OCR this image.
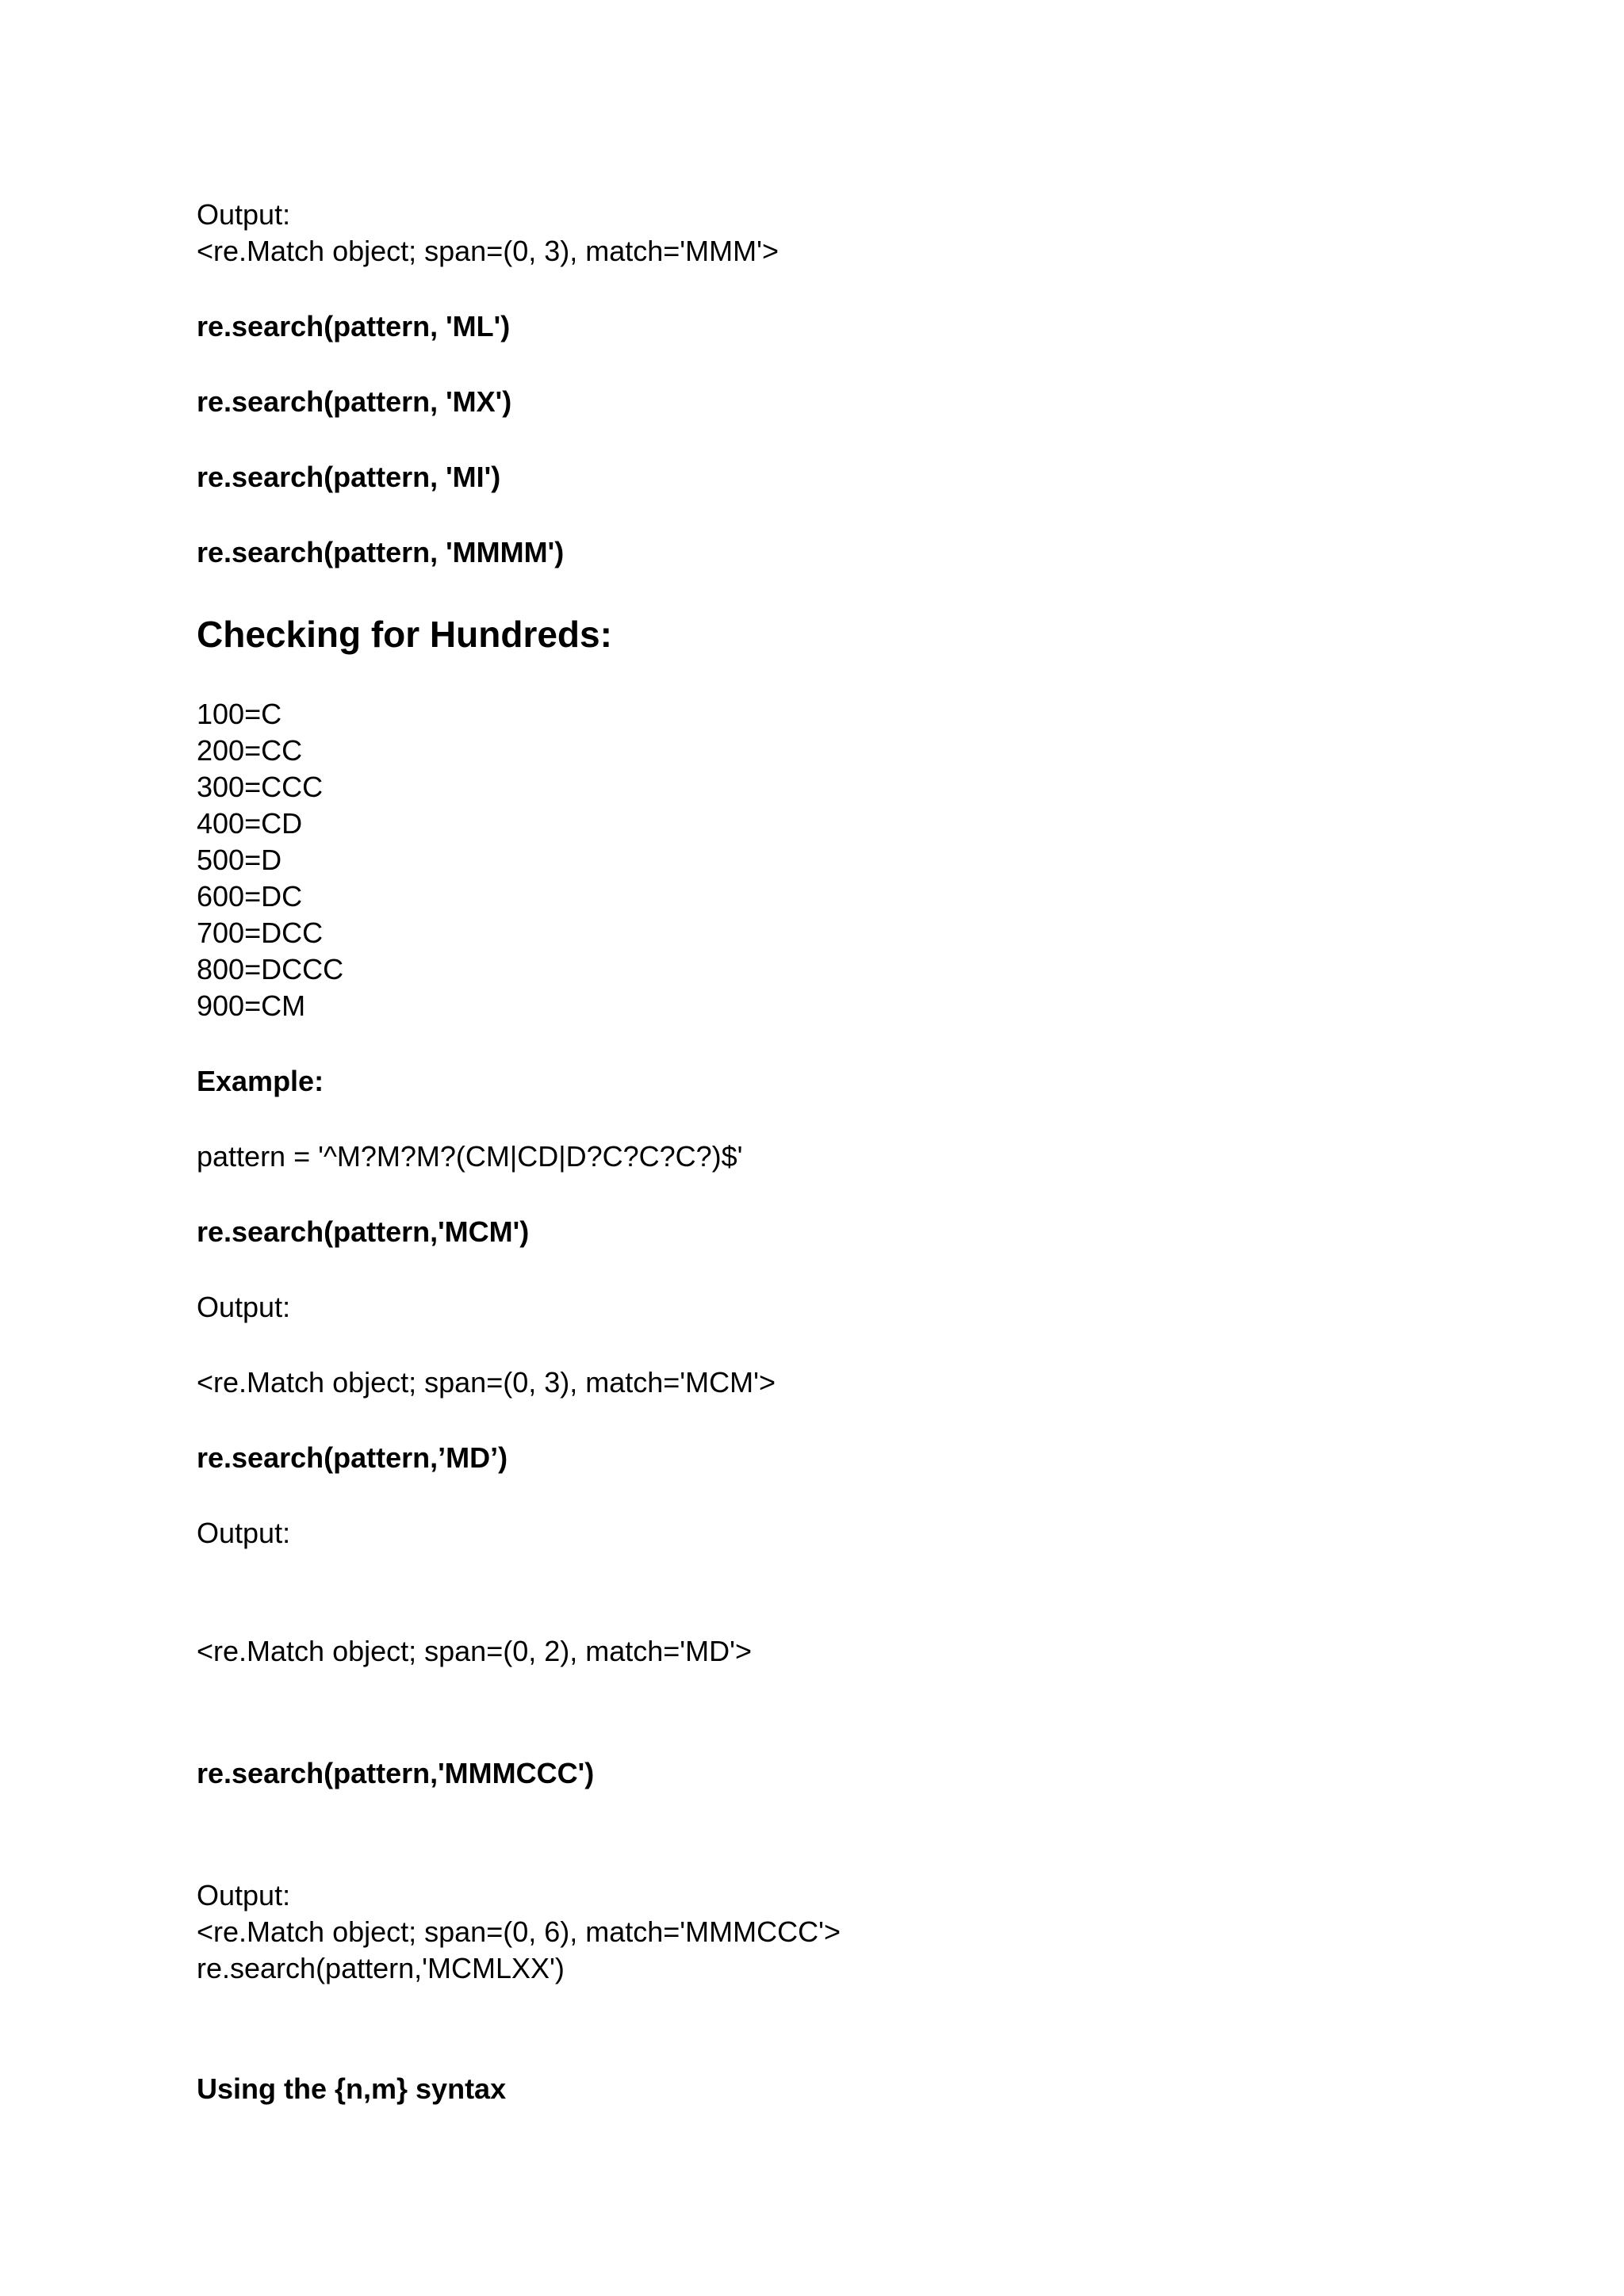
Output:
<re.Match object; span=(0, 3), match='MMM'>
re.search(pattern, 'ML')
re.search(pattern, 'MX')
re.search(pattern, 'MI')
re.search(pattern, 'MMMM')
Checking for Hundreds:
100=C
200=CC
300=CCC
400=CD
500=D
600=DC
700=DCC
800=DCCC
900=CM
Example:
pattern = '^M?M?M?(CM|CD|D?C?C?C?)$'
re.search(pattern,'MCM')
Output:
<re.Match object; span=(0, 3), match='MCM'>
re.search(pattern,’MD’)
Output:
<re.Match object; span=(0, 2), match='MD'>
re.search(pattern,'MMMCCC')
Output:
<re.Match object; span=(0, 6), match='MMMCCC'>
re.search(pattern,'MCMLXX')
Using the {n,m} syntax
